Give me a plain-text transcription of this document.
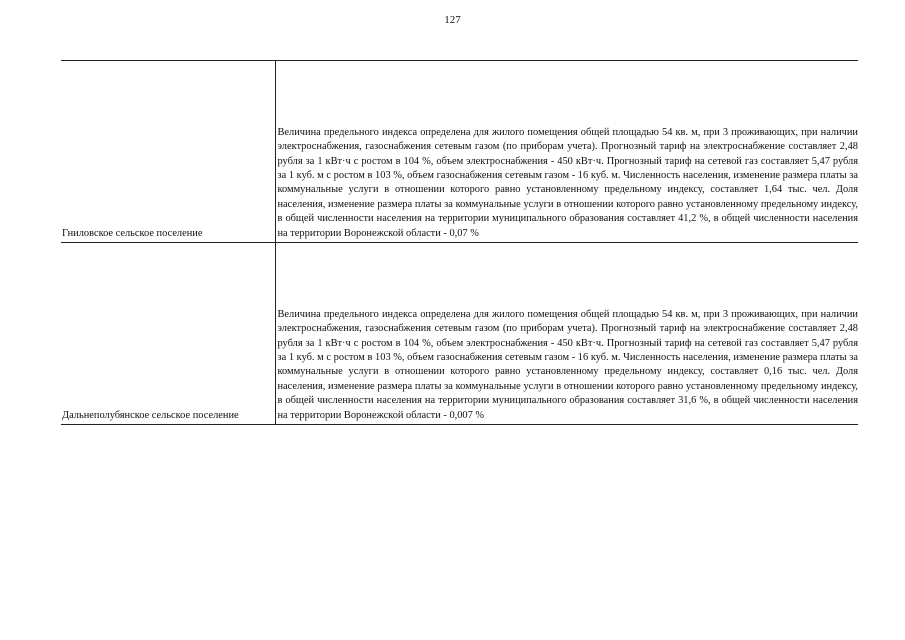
127
Гниловское сельское поселение	Величина предельного индекса определена для жилого помещения общей площадью 54 кв. м, при 3 проживающих, при наличии электроснабжения, газоснабжения сетевым газом (по приборам учета). Прогнозный тариф на электроснабжение составляет 2,48 рубля за 1 кВт·ч с ростом в 104 %, объем электроснабжения - 450 кВт·ч. Прогнозный тариф на сетевой газ составляет 5,47 рубля за 1 куб. м с ростом в 103 %, объем газоснабжения сетевым газом - 16 куб. м. Численность населения, изменение размера платы за коммунальные услуги в отношении которого равно установленному предельному индексу, составляет 1,64 тыс. чел. Доля населения, изменение размера платы за коммунальные услуги в отношении которого равно установленному предельному индексу, в общей численности населения на территории муниципального образования составляет 41,2 %, в общей численности населения на территории Воронежской области - 0,07 %

Дальнеполубянское сельское поселение	Величина предельного индекса определена для жилого помещения общей площадью 54 кв. м, при 3 проживающих, при наличии электроснабжения, газоснабжения сетевым газом (по приборам учета). Прогнозный тариф на электроснабжение составляет 2,48 рубля за 1 кВт·ч с ростом в 104 %, объем электроснабжения - 450 кВт·ч. Прогнозный тариф на сетевой газ составляет 5,47 рубля за 1 куб. м с ростом в 103 %, объем газоснабжения сетевым газом - 16 куб. м. Численность населения, изменение размера платы за коммунальные услуги в отношении которого равно установленному предельному индексу, составляет 0,16 тыс. чел. Доля населения, изменение размера платы за коммунальные услуги в отношении которого равно установленному предельному индексу, в общей численности населения на территории муниципального образования составляет 31,6 %, в общей численности населения на территории Воронежской области - 0,007 %
